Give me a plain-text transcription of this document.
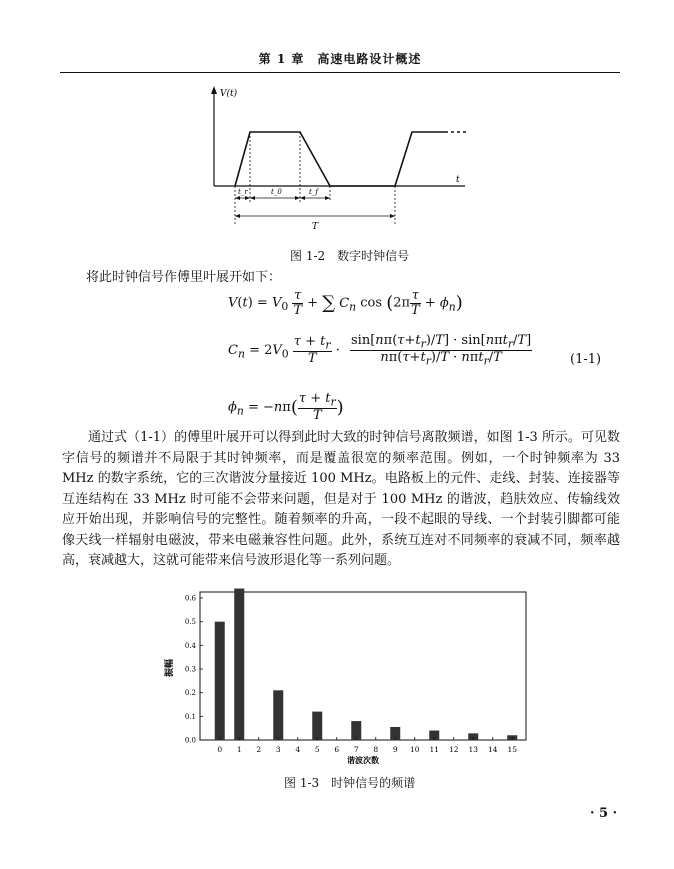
第 1 章　高速电路设计概述
V(t)
t
t_r	t_0	t_f
T
图 1-2　数字时钟信号
将此时钟信号作傅里叶展开如下：
$V(t) = V_0 \frac{\tau}{T}$ + ∑ $C_n$ $\cos (2\pi \frac{\tau}{T} + \phi_n)$
$C_n = 2V_0 \frac{\tau + t_r}{T} \cdot \frac{\sin[n\pi(\tau+t_r)/T] \cdot \sin[n\pi t_r/T]}{n\pi(\tau+t_r)/T \cdot n\pi t_r/T}$	(1-1)
$\phi_n = -n\pi( \frac{\tau + t_r}{T}$ )
通过式（1-1）的傅里叶展开可以得到此时大致的时钟信号离散频谱，如图 1-3 所示。可见数字信号的频谱并不局限于其时钟频率，而是覆盖很宽的频率范围。例如，一个时钟频率为 33 MHz 的数字系统，它的三次谐波分量接近 100 MHz。电路板上的元件、走线、封装、连接器等互连结构在 33 MHz 时可能不会带来问题，但是对于 100 MHz 的谐波，趋肤效应、传输线效应开始出现，并影响信号的完整性。随着频率的升高，一段不起眼的导线、一个封装引脚都可能像天线一样辐射电磁波，带来电磁兼容性问题。此外，系统互连对不同频率的衰减不同，频率越高，衰减越大，这就可能带来信号波形退化等一系列问题。
0 1 2 3 4 5 6 7 8 9 10 11 12 13 14 15
0.0
0.1
0.2
0.3
0.4
0.5
0.6
谐波次数
振幅
图 1-3　时钟信号的频谱
· 5 ·
